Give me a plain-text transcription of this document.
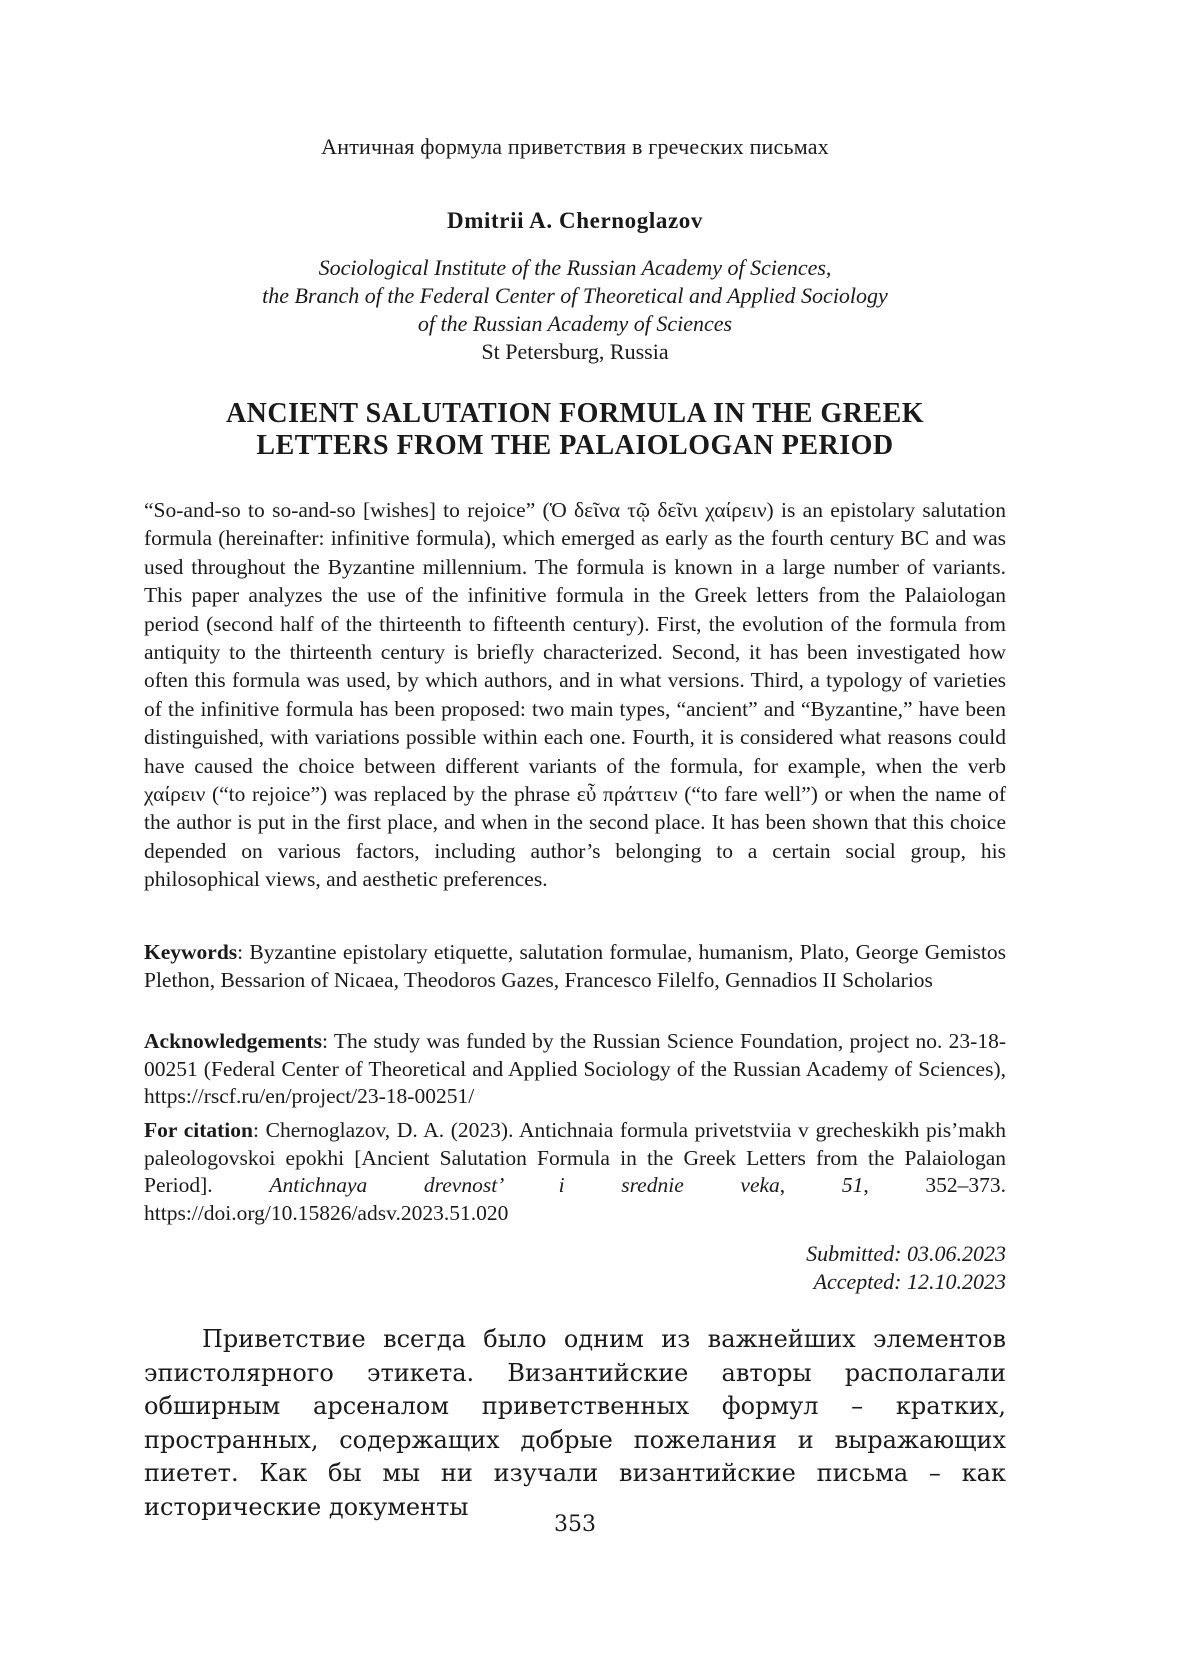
Античная формула приветствия в греческих письмах
Dmitrii A. Chernoglazov
Sociological Institute of the Russian Academy of Sciences,
the Branch of the Federal Center of Theoretical and Applied Sociology
of the Russian Academy of Sciences
St Petersburg, Russia
ANCIENT SALUTATION FORMULA IN THE GREEK
LETTERS FROM THE PALAIOLOGAN PERIOD
“So-and-so to so-and-so [wishes] to rejoice” (Ὁ δεῖνα τῷ δεῖνι χαίρειν) is an epistolary salutation formula (hereinafter: infinitive formula), which emerged as early as the fourth century BC and was used throughout the Byzantine millennium. The formula is known in a large number of variants. This paper analyzes the use of the infinitive formula in the Greek letters from the Palaiologan period (second half of the thirteenth to fifteenth century). First, the evolution of the formula from antiquity to the thirteenth century is briefly characterized. Second, it has been investigated how often this formula was used, by which authors, and in what versions. Third, a typology of varieties of the infinitive formula has been proposed: two main types, “ancient” and “Byzantine,” have been distinguished, with variations possible within each one. Fourth, it is considered what reasons could have caused the choice between different variants of the formula, for example, when the verb χαίρειν (“to rejoice”) was replaced by the phrase εὖ πράττειν (“to fare well”) or when the name of the author is put in the first place, and when in the second place. It has been shown that this choice depended on various factors, including author’s belonging to a certain social group, his philosophical views, and aesthetic preferences.
Keywords: Byzantine epistolary etiquette, salutation formulae, humanism, Plato, George Gemistos Plethon, Bessarion of Nicaea, Theodoros Gazes, Francesco Filelfo, Gennadios II Scholarios
Acknowledgements: The study was funded by the Russian Science Foundation, project no. 23-18-00251 (Federal Center of Theoretical and Applied Sociology of the Russian Academy of Sciences), https://rscf.ru/en/project/23-18-00251/
For citation: Chernoglazov, D. A. (2023). Antichnaia formula privetstviia v grecheskikh pis’makh paleologovskoi epokhi [Ancient Salutation Formula in the Greek Letters from the Palaiologan Period]. Antichnaya drevnost’ i srednie veka, 51, 352–373. https://doi.org/10.15826/adsv.2023.51.020
Submitted: 03.06.2023
Accepted: 12.10.2023
Приветствие всегда было одним из важнейших элементов эпистолярного этикета. Византийские авторы располагали обширным арсеналом приветственных формул – кратких, пространных, содержащих добрые пожелания и выражающих пиетет. Как бы мы ни изучали византийские письма – как исторические документы
353
